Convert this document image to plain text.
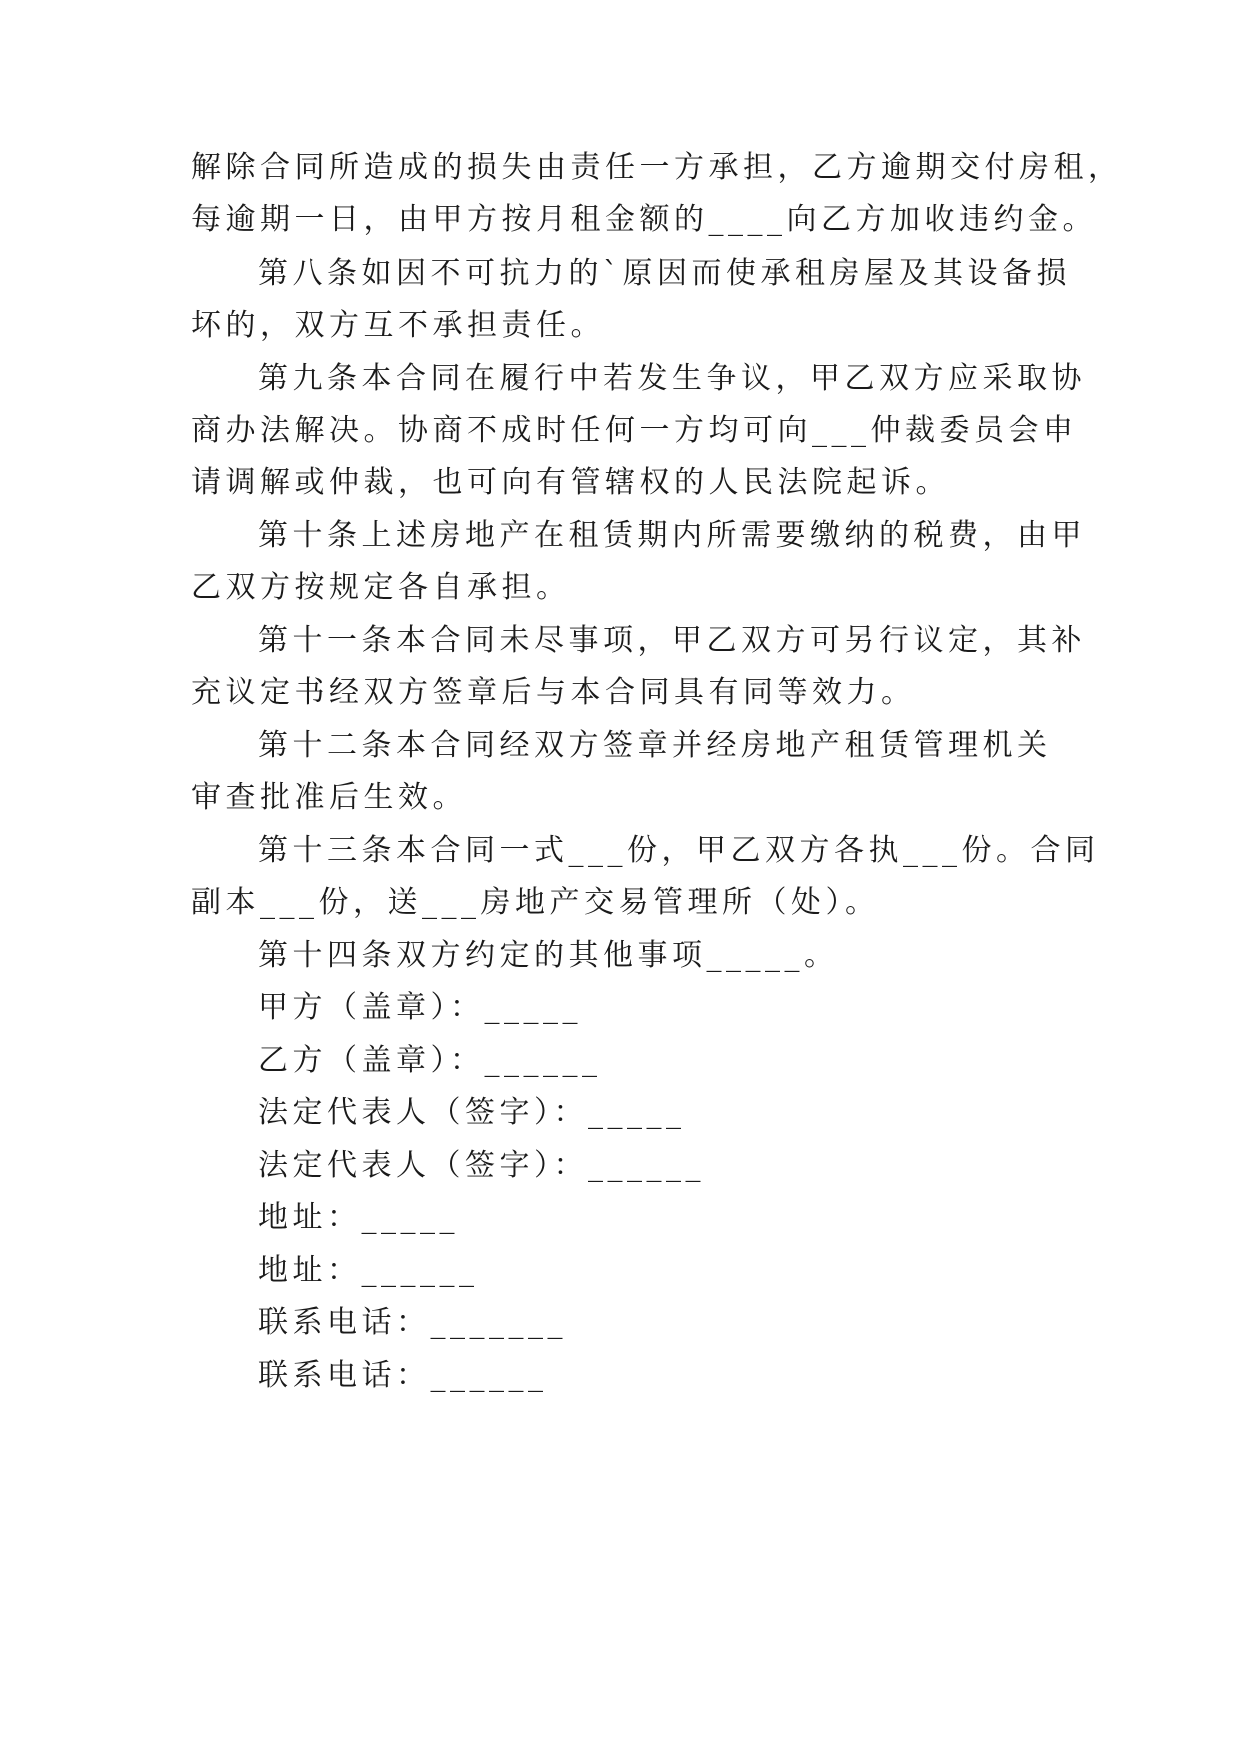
解除合同所造成的损失由责任一方承担，乙方逾期交付房租，
每逾期一日，由甲方按月租金额的____向乙方加收违约金。
第八条如因不可抗力的`原因而使承租房屋及其设备损
坏的，双方互不承担责任。
第九条本合同在履行中若发生争议，甲乙双方应采取协
商办法解决。协商不成时任何一方均可向___仲裁委员会申
请调解或仲裁，也可向有管辖权的人民法院起诉。
第十条上述房地产在租赁期内所需要缴纳的税费，由甲
乙双方按规定各自承担。
第十一条本合同未尽事项，甲乙双方可另行议定，其补
充议定书经双方签章后与本合同具有同等效力。
第十二条本合同经双方签章并经房地产租赁管理机关
审查批准后生效。
第十三条本合同一式___份，甲乙双方各执___份。合同
副本___份，送___房地产交易管理所（处）。
第十四条双方约定的其他事项_____。
甲方（盖章）：_____
乙方（盖章）：______
法定代表人（签字）：_____
法定代表人（签字）：______
地址：_____
地址：______
联系电话：_______
联系电话：______
